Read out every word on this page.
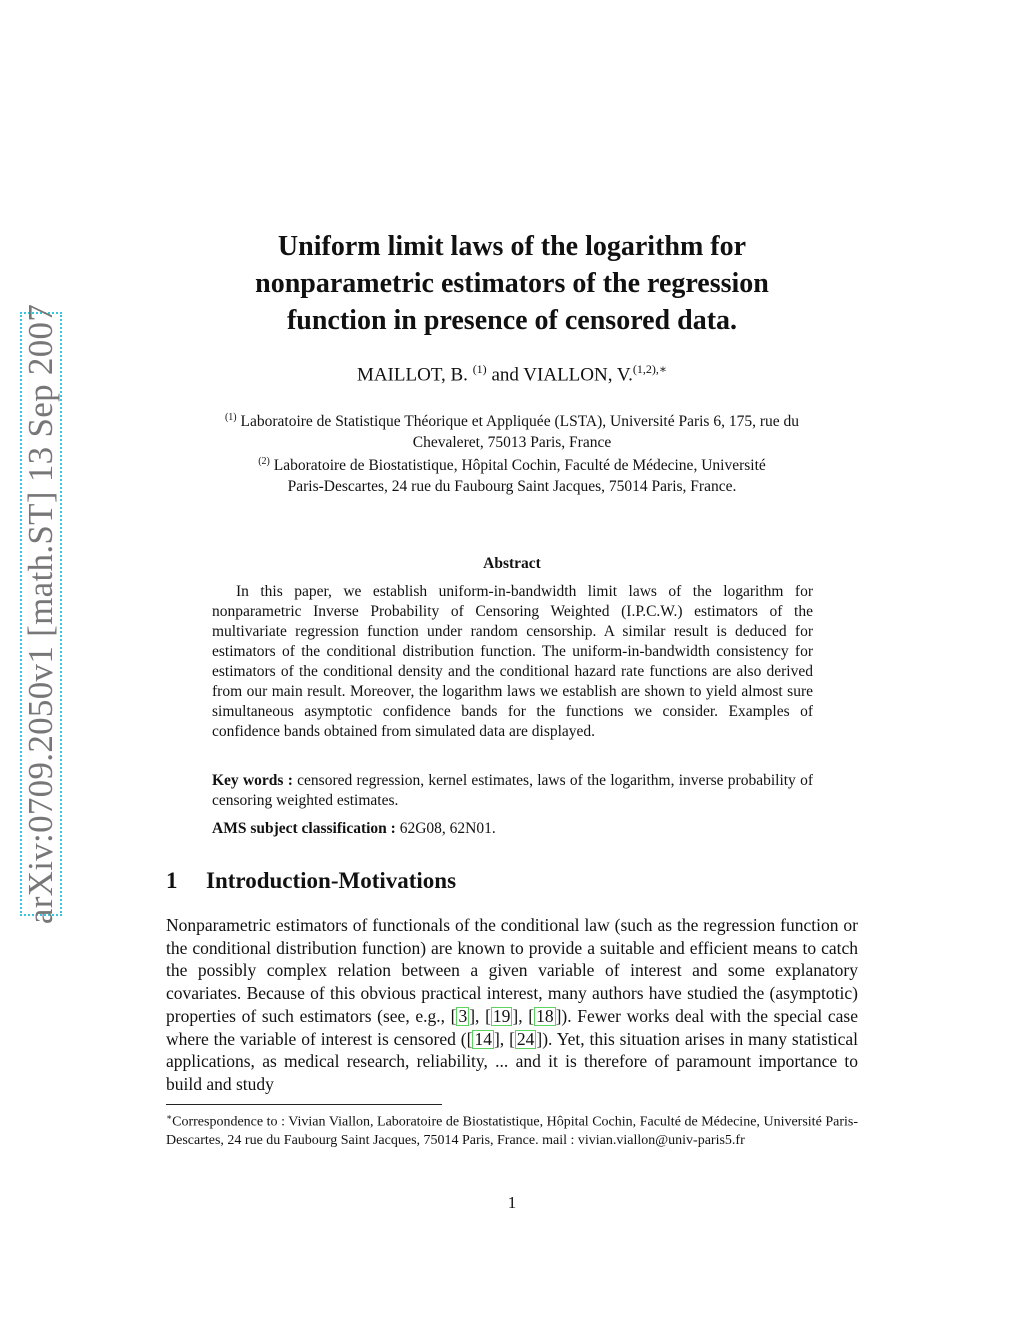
arXiv:0709.2050v1 [math.ST] 13 Sep 2007
Uniform limit laws of the logarithm for
nonparametric estimators of the regression
function in presence of censored data.
MAILLOT, B. $^{(1)}$ and VIALLON, V.$^{(1,2),∗}$

$^{(1)}$ Laboratoire de Statistique Théorique et Appliquée (LSTA), Université Paris 6, 175, rue du
Chevaleret, 75013 Paris, France

$^{(2)}$ Laboratoire de Biostatistique, Hôpital Cochin, Faculté de Médecine, Université
Paris-Descartes, 24 rue du Faubourg Saint Jacques, 75014 Paris, France.

Abstract

In this paper, we establish uniform-in-bandwidth limit laws of the logarithm for nonparametric Inverse Probability of Censoring Weighted (I.P.C.W.) estimators of the multivariate regression function under random censorship. A similar result is deduced for estimators of the conditional distribution function. The uniform-in-bandwidth consistency for estimators of the conditional density and the conditional hazard rate functions are also derived from our main result. Moreover, the logarithm laws we establish are shown to yield almost sure simultaneous asymptotic confidence bands for the functions we consider. Examples of confidence bands obtained from simulated data are displayed.

Key words : censored regression, kernel estimates, laws of the logarithm, inverse probability of censoring weighted estimates.

AMS subject classification : 62G08, 62N01.

1 Introduction-Motivations

Nonparametric estimators of functionals of the conditional law (such as the regression function or the conditional distribution function) are known to provide a suitable and efficient means to catch the possibly complex relation between a given variable of interest and some explanatory covariates. Because of this obvious practical interest, many authors have studied the (asymptotic) properties of such estimators (see, e.g., [ 3 ], [ 19 ], [ 18 ]). Fewer works deal with the special case where the variable of interest is censored ([ 14 ], [ 24 ]). Yet, this situation arises in many statistical applications, as medical research, reliability, ... and it is therefore of paramount importance to build and study

∗Correspondence to : Vivian Viallon, Laboratoire de Biostatistique, Hôpital Cochin, Faculté de Médecine, Université Paris-Descartes, 24 rue du Faubourg Saint Jacques, 75014 Paris, France. mail : vivian.viallon@univ-paris5.fr

1
